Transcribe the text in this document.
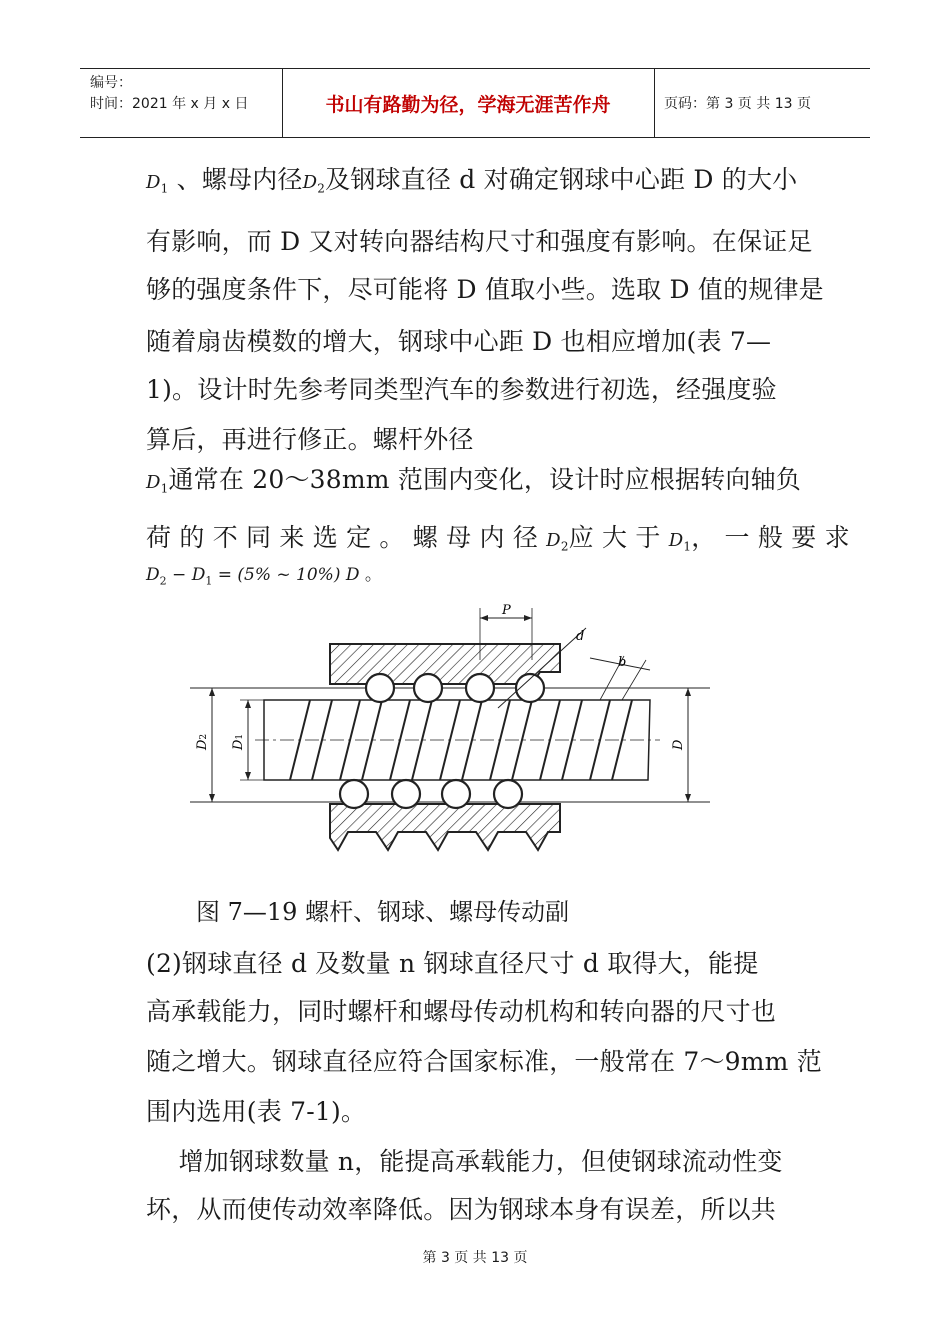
编号：
时间：2021 年 x 月 x 日	书山有路勤为径，学海无涯苦作舟	页码：第 3 页 共 13 页
$D_1$ 、螺母内径$D_2$及钢球直径 d 对确定钢球中心距 D 的大小
有影响，而 D 又对转向器结构尺寸和强度有影响。在保证足
够的强度条件下，尽可能将 D 值取小些。选取 D 值的规律是
随着扇齿模数的增大，钢球中心距 D 也相应增加(表 7—
1)。设计时先参考同类型汽车的参数进行初选，经强度验
算后，再进行修正。螺杆外径
$D_1$通常在 20～38mm 范围内变化，设计时应根据转向轴负
荷 的 不 同 来 选 定 。 螺 母 内 径 $D_2$应 大 于 $D_1$， 一 般 要 求
$D_2 - D_1 = (5\%$ ~ 10%) D 。
P
d
b
D2
D1
D
图 7—19 螺杆、钢球、螺母传动副
(2)钢球直径 d 及数量 n 钢球直径尺寸 d 取得大，能提
高承载能力，同时螺杆和螺母传动机构和转向器的尺寸也
随之增大。钢球直径应符合国家标准，一般常在 7～9mm 范
围内选用(表 7-1)。
增加钢球数量 n，能提高承载能力，但使钢球流动性变
坏，从而使传动效率降低。因为钢球本身有误差，所以共
第 3 页 共 13 页
